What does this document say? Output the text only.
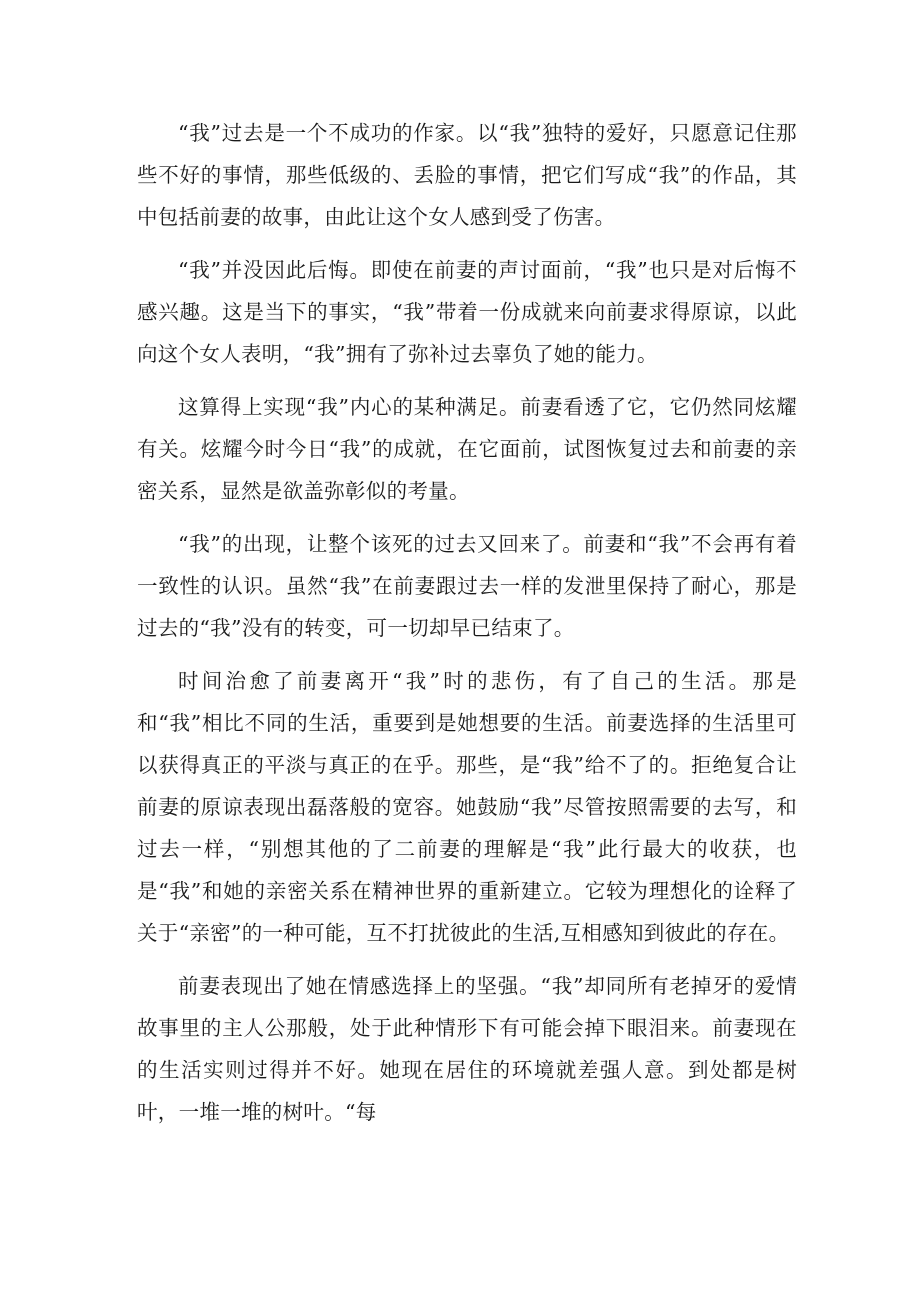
“我”过去是一个不成功的作家。以“我”独特的爱好，只愿意记住那些不好的事情，那些低级的、丢脸的事情，把它们写成“我”的作品，其中包括前妻的故事，由此让这个女人感到受了伤害。

“我”并没因此后悔。即使在前妻的声讨面前，“我”也只是对后悔不感兴趣。这是当下的事实，“我”带着一份成就来向前妻求得原谅，以此向这个女人表明，“我”拥有了弥补过去辜负了她的能力。

这算得上实现“我”内心的某种满足。前妻看透了它，它仍然同炫耀有关。炫耀今时今日“我”的成就，在它面前，试图恢复过去和前妻的亲密关系，显然是欲盖弥彰似的考量。

“我”的出现，让整个该死的过去又回来了。前妻和“我”不会再有着一致性的认识。虽然“我”在前妻跟过去一样的发泄里保持了耐心，那是过去的“我”没有的转变，可一切却早已结束了。

时间治愈了前妻离开“我”时的悲伤，有了自己的生活。那是和“我”相比不同的生活，重要到是她想要的生活。前妻选择的生活里可以获得真正的平淡与真正的在乎。那些，是“我”给不了的。拒绝复合让前妻的原谅表现出磊落般的宽容。她鼓励“我”尽管按照需要的去写，和过去一样，“别想其他的了二前妻的理解是“我”此行最大的收获，也是“我”和她的亲密关系在精神世界的重新建立。它较为理想化的诠释了关于“亲密”的一种可能，互不打扰彼此的生活,互相感知到彼此的存在。

前妻表现出了她在情感选择上的坚强。“我”却同所有老掉牙的爱情故事里的主人公那般，处于此种情形下有可能会掉下眼泪来。前妻现在的生活实则过得并不好。她现在居住的环境就差强人意。到处都是树叶，一堆一堆的树叶。“每
